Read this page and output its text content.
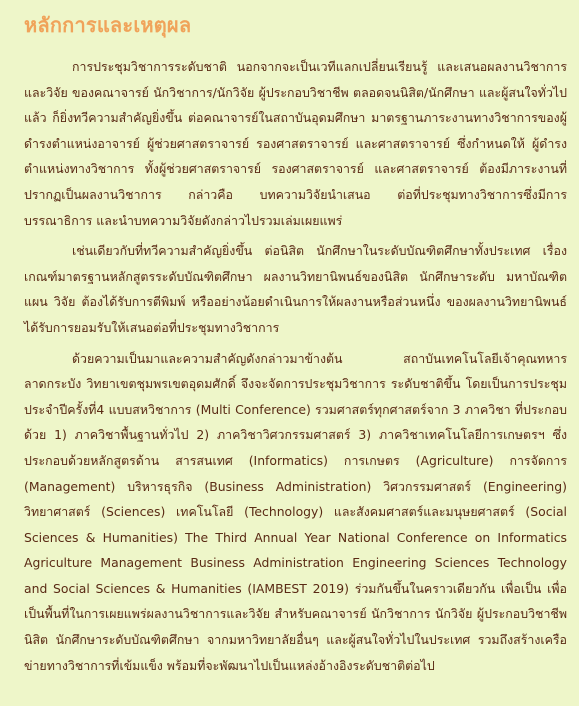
หลักการและเหตุผล

การประชุมวิชาการระดับชาติ นอกจากจะเป็นเวทีแลกเปลี่ยนเรียนรู้ และเสนอผลงานวิชาการและวิจัย ของคณาจารย์ นักวิชาการ/นักวิจัย ผู้ประกอบวิชาชีพ ตลอดจนนิสิต/นักศึกษา และผู้สนใจทั่วไปแล้ว ก็ยิ่งทวีความสำคัญยิ่งขึ้น ต่อคณาจารย์ในสถาบันอุดมศึกษา มาตรฐานภาระงานทางวิชาการของผู้ดำรงตำแหน่งอาจารย์ ผู้ช่วยศาสตราจารย์ รองศาสตราจารย์ และศาสตราจารย์ ซึ่งกำหนดให้ ผู้ดำรงตำแหน่งทางวิชาการ ทั้งผู้ช่วยศาสตราจารย์ รองศาสตราจารย์ และศาสตราจารย์ ต้องมีภาระงานที่ปรากฏเป็นผลงานวิชาการ กล่าวคือ บทความวิจัยนำเสนอ ต่อที่ประชุมทางวิชาการซึ่งมีการบรรณาธิการ และนำบทความวิจัยดังกล่าวไปรวมเล่มเผยแพร่

เช่นเดียวกับที่ทวีความสำคัญยิ่งขึ้น ต่อนิสิต นักศึกษาในระดับบัณฑิตศึกษาทั้งประเทศ เรื่องเกณฑ์มาตรฐานหลักสูตรระดับบัณฑิตศึกษา ผลงานวิทยานิพนธ์ของนิสิต นักศึกษาระดับ มหาบัณฑิต แผน วิจัย ต้องได้รับการตีพิมพ์ หรืออย่างน้อยดำเนินการให้ผลงานหรือส่วนหนึ่ง ของผลงานวิทยานิพนธ์ ได้รับการยอมรับให้เสนอต่อที่ประชุมทางวิชาการ

ด้วยความเป็นมาและความสำคัญดังกล่าวมาข้างต้น สถาบันเทคโนโลยีเจ้าคุณทหารลาดกระบัง วิทยาเขตชุมพรเขตอุดมศักดิ์ จึงจะจัดการประชุมวิชาการ ระดับชาติขึ้น โดยเป็นการประชุมประจำปีครั้งที่4 แบบสหวิชาการ (Multi Conference) รวมศาสตร์ทุกศาสตร์จาก 3 ภาควิชา ที่ประกอบด้วย 1) ภาควิชาพื้นฐานทั่วไป 2) ภาควิชาวิศวกรรมศาสตร์ 3) ภาควิชาเทคโนโลยีการเกษตรฯ ซึ่งประกอบด้วยหลักสูตรด้าน สารสนเทศ (Informatics) การเกษตร (Agriculture) การจัดการ (Management) บริหารธุรกิจ (Business Administration) วิศวกรรมศาสตร์ (Engineering) วิทยาศาสตร์ (Sciences) เทคโนโลยี (Technology) และสังคมศาสตร์และมนุษยศาสตร์ (Social Sciences & Humanities) The Third Annual Year National Conference on Informatics Agriculture Management Business Administration Engineering Sciences Technology and Social Sciences & Humanities (IAMBEST 2019) ร่วมกันขึ้นในคราวเดียวกัน เพื่อเป็น เพื่อเป็นพื้นที่ในการเผยแพร่ผลงานวิชาการและวิจัย สำหรับคณาจารย์ นักวิชาการ นักวิจัย ผู้ประกอบวิชาชีพ นิสิต นักศึกษาระดับบัณฑิตศึกษา จากมหาวิทยาลัยอื่นๆ และผู้สนใจทั่วไปในประเทศ รวมถึงสร้างเครือข่ายทางวิชาการที่เข้มแข็ง พร้อมที่จะพัฒนาไปเป็นแหล่งอ้างอิงระดับชาติต่อไป
